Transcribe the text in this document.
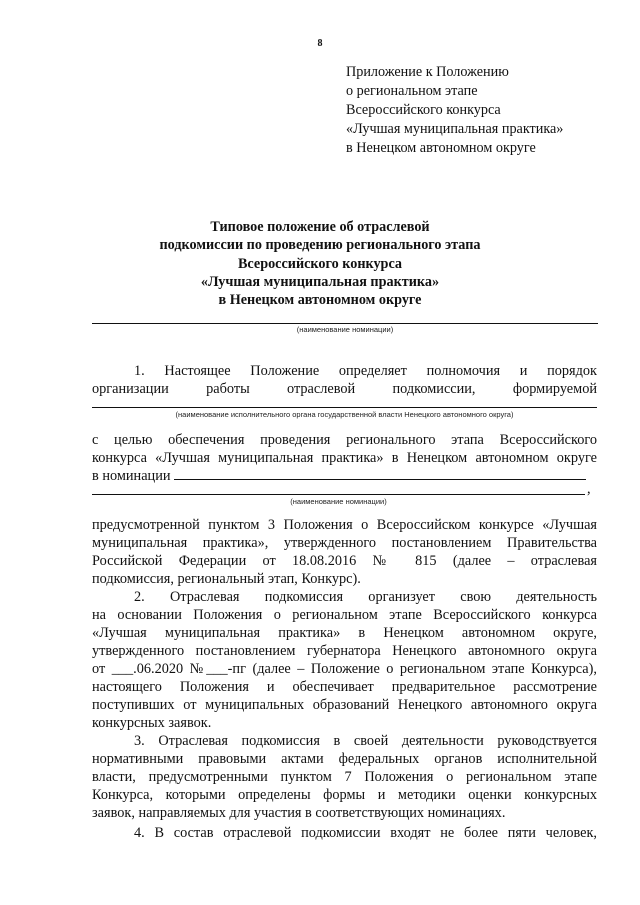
8
Приложение к Положению
о региональном этапе
Всероссийского конкурса
«Лучшая муниципальная практика»
в Ненецком автономном округе
Типовое положение об отраслевой
подкомиссии по проведению регионального этапа
Всероссийского конкурса
«Лучшая муниципальная практика»
в Ненецком автономном округе
(наименование номинации)
1. Настоящее Положение определяет полномочия и порядок
организации работы отраслевой подкомиссии, формируемой
(наименование исполнительного органа государственной власти Ненецкого автономного округа)
с целью обеспечения проведения регионального этапа Всероссийского
конкурса «Лучшая муниципальная практика» в Ненецком автономном округе
в номинации
,
(наименование номинации)
предусмотренной пунктом 3 Положения о Всероссийском конкурсе «Лучшая
муниципальная практика», утвержденного постановлением Правительства
Российской Федерации от 18.08.2016 № 815 (далее – отраслевая
подкомиссия, региональный этап, Конкурс).
2. Отраслевая подкомиссия организует свою деятельность
на основании Положения о региональном этапе Всероссийского конкурса
«Лучшая муниципальная практика» в Ненецком автономном округе,
утвержденного постановлением губернатора Ненецкого автономного округа
от ___.06.2020 №___-пг (далее – Положение о региональном этапе Конкурса),
настоящего Положения и обеспечивает предварительное рассмотрение
поступивших от муниципальных образований Ненецкого автономного округа
конкурсных заявок.
3. Отраслевая подкомиссия в своей деятельности руководствуется
нормативными правовыми актами федеральных органов исполнительной
власти, предусмотренными пунктом 7 Положения о региональном этапе
Конкурса, которыми определены формы и методики оценки конкурсных
заявок, направляемых для участия в соответствующих номинациях.
4. В состав отраслевой подкомиссии входят не более пяти человек,
